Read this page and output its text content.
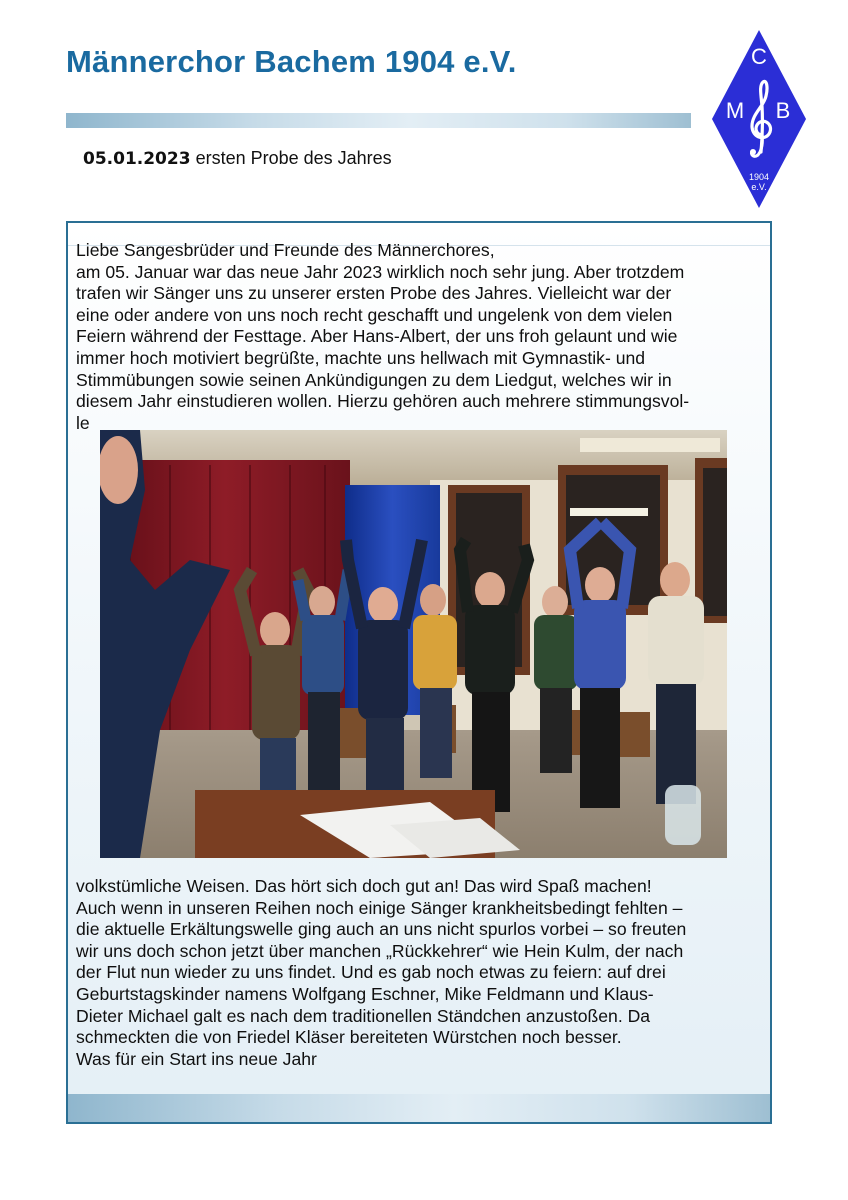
Männerchor Bachem 1904 e.V.	C
M B
1904
e.V.
05.01.2023 ersten Probe des Jahres
Liebe Sangesbrüder und Freunde des Männerchores,
am 05. Januar war das neue Jahr 2023 wirklich noch sehr jung. Aber trotzdem
trafen wir Sänger uns zu unserer ersten Probe des Jahres. Vielleicht war der
eine oder andere von uns noch recht geschafft und ungelenk von dem vielen
Feiern während der Festtage. Aber Hans-Albert, der uns froh gelaunt und wie
immer hoch motiviert begrüßte, machte uns hellwach mit Gymnastik- und
Stimmübungen sowie seinen Ankündigungen zu dem Liedgut, welches wir in
diesem Jahr einstudieren wollen. Hierzu gehören auch mehrere stimmungsvol-
le
volkstümliche Weisen. Das hört sich doch gut an! Das wird Spaß machen!
Auch wenn in unseren Reihen noch einige Sänger krankheitsbedingt fehlten –
die aktuelle Erkältungswelle ging auch an uns nicht spurlos vorbei – so freuten
wir uns doch schon jetzt über manchen „Rückkehrer“ wie Hein Kulm, der nach
der Flut nun wieder zu uns findet. Und es gab noch etwas zu feiern: auf drei
Geburtstagskinder namens Wolfgang Eschner, Mike Feldmann und Klaus-
Dieter Michael galt es nach dem traditionellen Ständchen anzustoßen. Da
schmeckten die von Friedel Kläser bereiteten Würstchen noch besser.
Was für ein Start ins neue Jahr
